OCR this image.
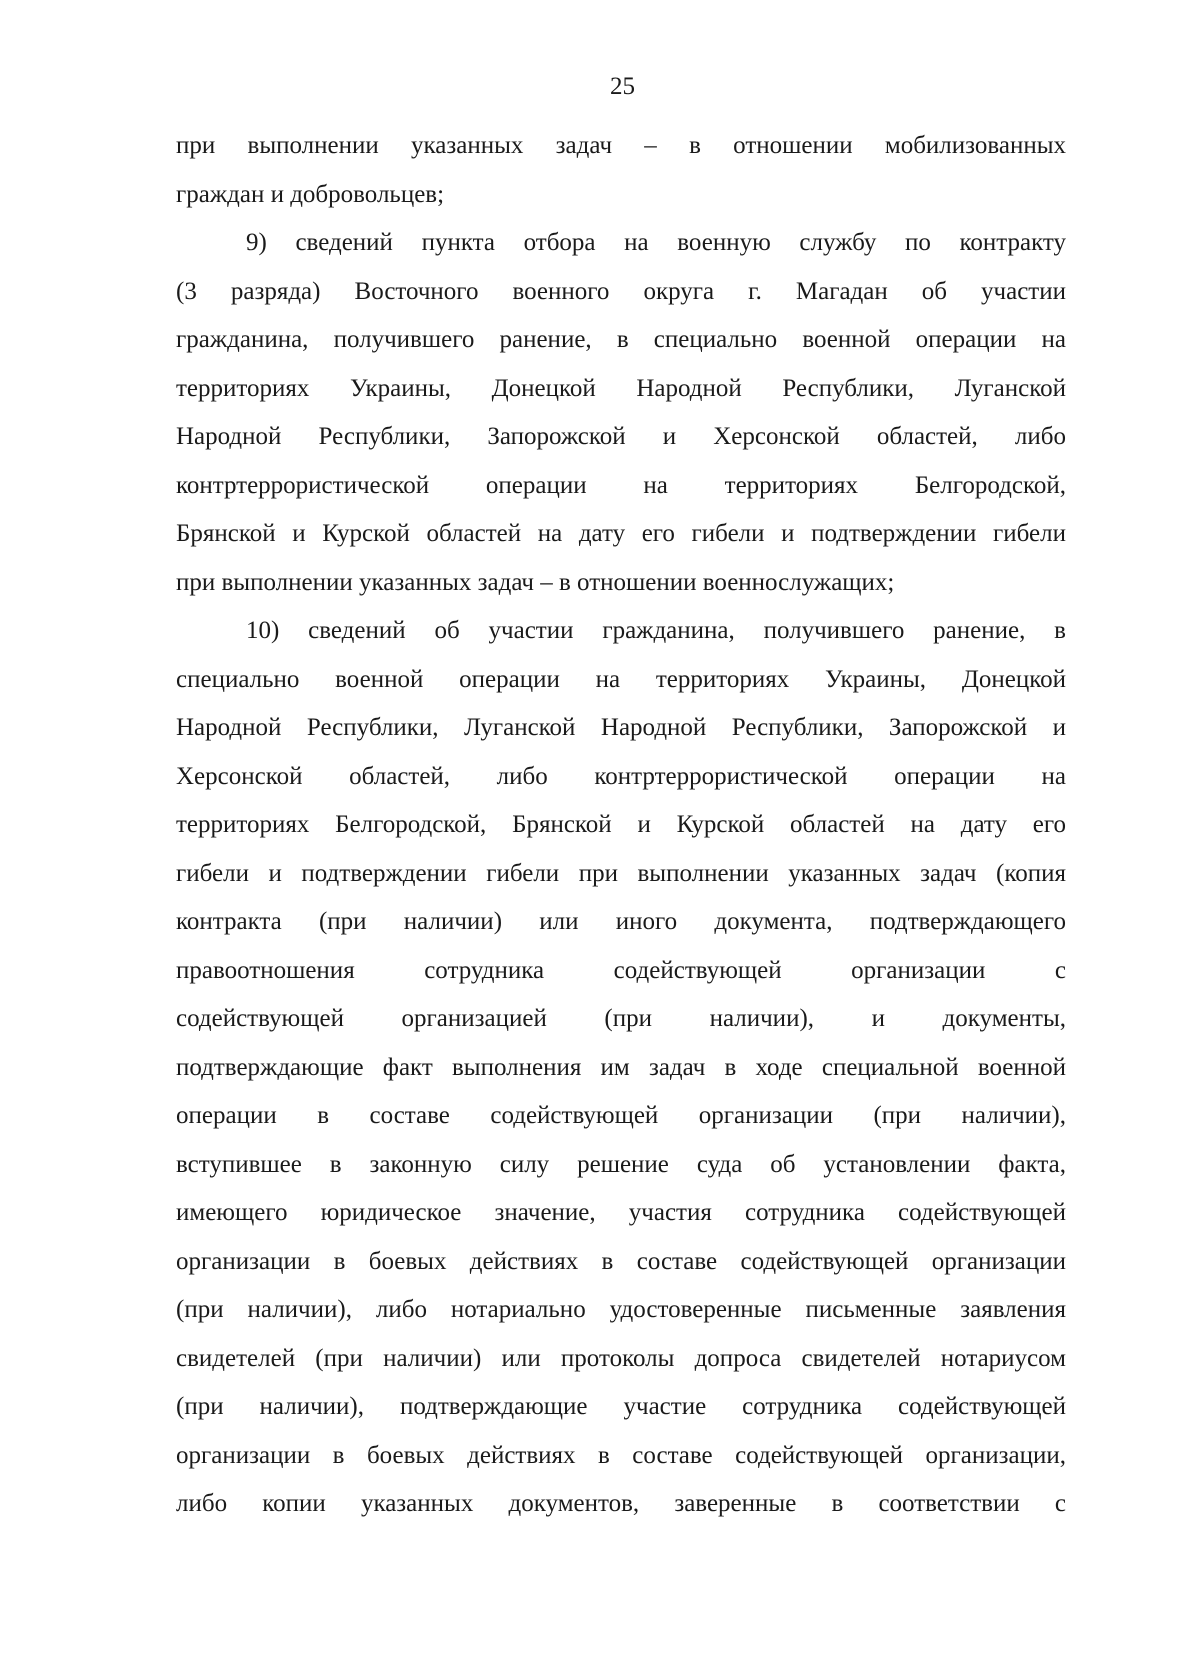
25
при выполнении указанных задач – в отношении мобилизованных
граждан и добровольцев;
9) сведений пункта отбора на военную службу по контракту
(3 разряда) Восточного военного округа г. Магадан об участии
гражданина, получившего ранение, в специально военной операции на
территориях Украины, Донецкой Народной Республики, Луганской
Народной Республики, Запорожской и Херсонской областей, либо
контртеррористической операции на территориях Белгородской,
Брянской и Курской областей на дату его гибели и подтверждении гибели
при выполнении указанных задач – в отношении военнослужащих;
10) сведений об участии гражданина, получившего ранение, в
специально военной операции на территориях Украины, Донецкой
Народной Республики, Луганской Народной Республики, Запорожской и
Херсонской областей, либо контртеррористической операции на
территориях Белгородской, Брянской и Курской областей на дату его
гибели и подтверждении гибели при выполнении указанных задач (копия
контракта (при наличии) или иного документа, подтверждающего
правоотношения сотрудника содействующей организации с
содействующей организацией (при наличии), и документы,
подтверждающие факт выполнения им задач в ходе специальной военной
операции в составе содействующей организации (при наличии),
вступившее в законную силу решение суда об установлении факта,
имеющего юридическое значение, участия сотрудника содействующей
организации в боевых действиях в составе содействующей организации
(при наличии), либо нотариально удостоверенные письменные заявления
свидетелей (при наличии) или протоколы допроса свидетелей нотариусом
(при наличии), подтверждающие участие сотрудника содействующей
организации в боевых действиях в составе содействующей организации,
либо копии указанных документов, заверенные в соответствии с
